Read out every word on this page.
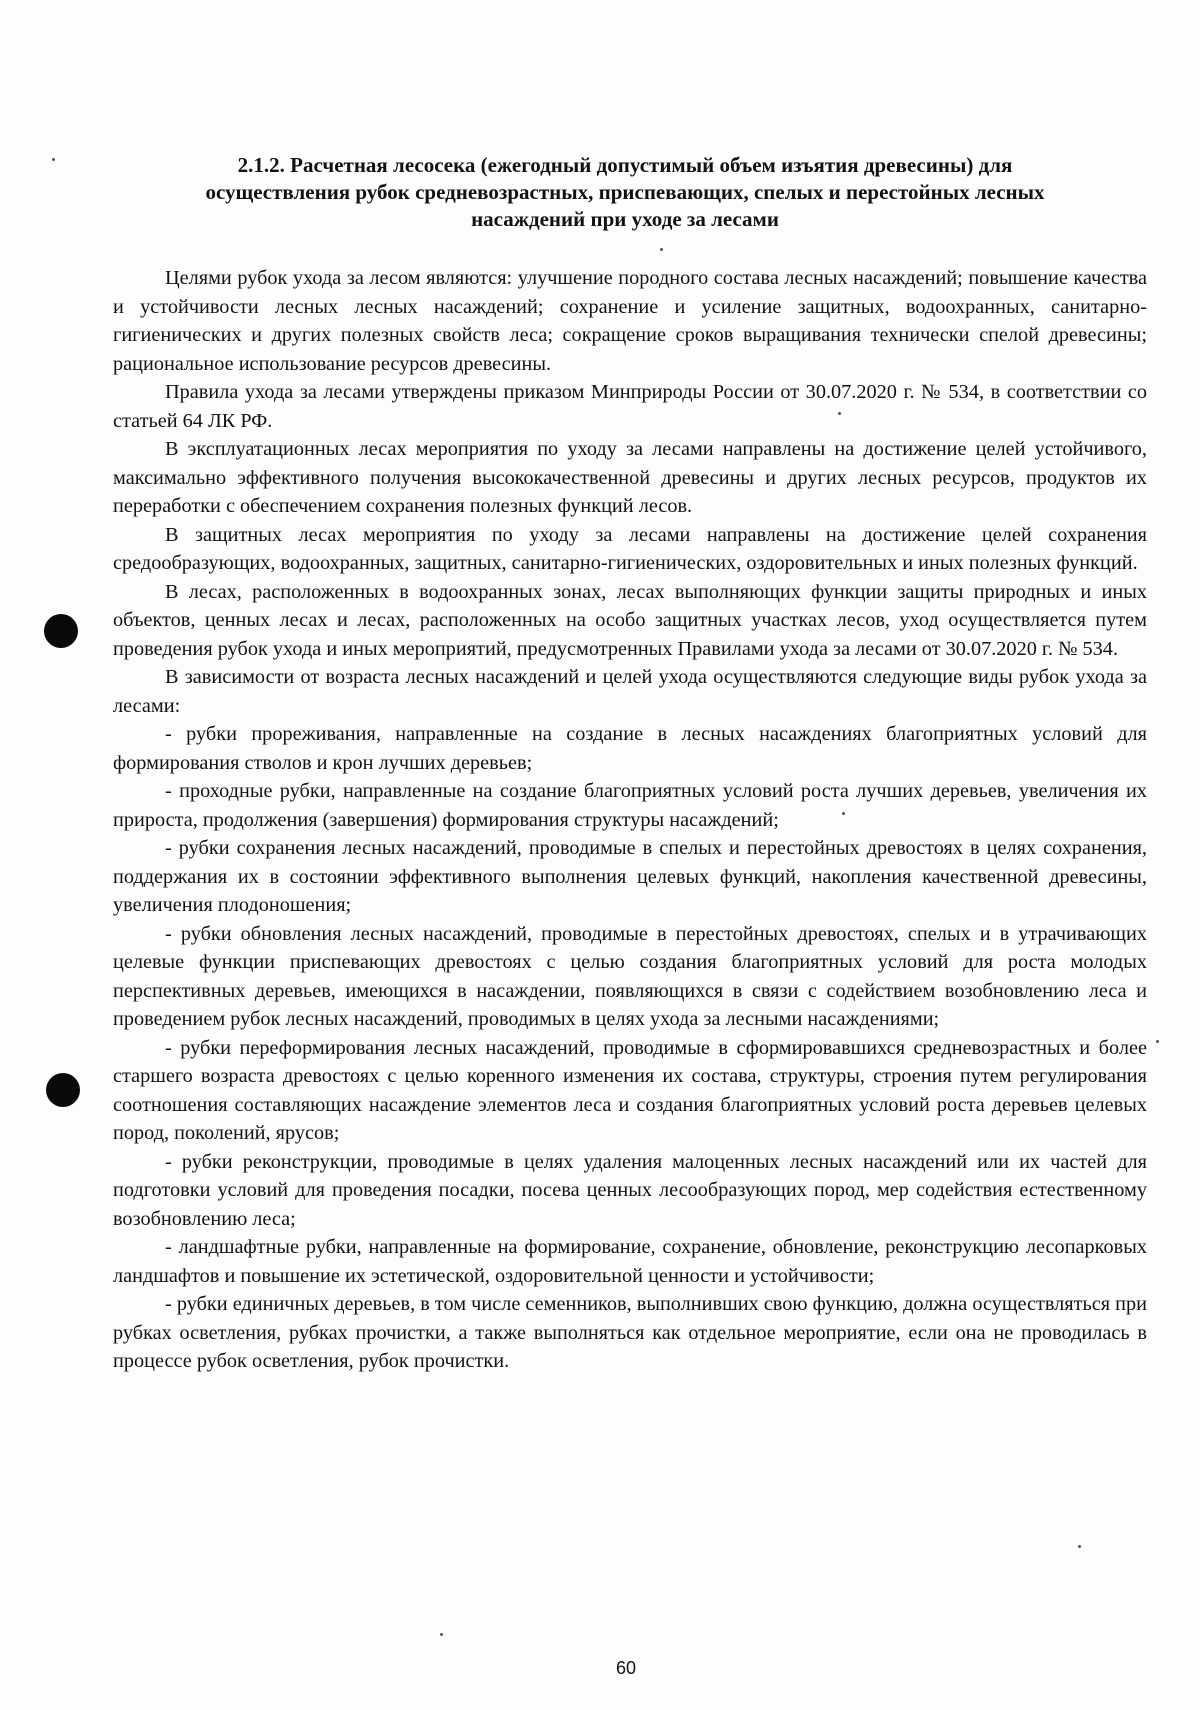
2.1.2. Расчетная лесосека (ежегодный допустимый объем изъятия древесины) для
осуществления рубок средневозрастных, приспевающих, спелых и перестойных лесных
насаждений при уходе за лесами

Целями рубок ухода за лесом являются: улучшение породного состава лесных насаждений; повышение качества и устойчивости лесных лесных насаждений; сохранение и усиление защитных, водоохранных, санитарно-гигиенических и других полезных свойств леса; сокращение сроков выращивания технически спелой древесины; рациональное использование ресурсов древесины.

Правила ухода за лесами утверждены приказом Минприроды России от 30.07.2020 г. № 534, в соответствии со статьей 64 ЛК РФ.

В эксплуатационных лесах мероприятия по уходу за лесами направлены на достижение целей устойчивого, максимально эффективного получения высококачественной древесины и других лесных ресурсов, продуктов их переработки с обеспечением сохранения полезных функций лесов.

В защитных лесах мероприятия по уходу за лесами направлены на достижение целей сохранения средообразующих, водоохранных, защитных, санитарно-гигиенических, оздоровительных и иных полезных функций.

В лесах, расположенных в водоохранных зонах, лесах выполняющих функции защиты природных и иных объектов, ценных лесах и лесах, расположенных на особо защитных участках лесов, уход осуществляется путем проведения рубок ухода и иных мероприятий, предусмотренных Правилами ухода за лесами от 30.07.2020 г. № 534.

В зависимости от возраста лесных насаждений и целей ухода осуществляются следующие виды рубок ухода за лесами:

- рубки прореживания, направленные на создание в лесных насаждениях благоприятных условий для формирования стволов и крон лучших деревьев;

- проходные рубки, направленные на создание благоприятных условий роста лучших деревьев, увеличения их прироста, продолжения (завершения) формирования структуры насаждений;

- рубки сохранения лесных насаждений, проводимые в спелых и перестойных древостоях в целях сохранения, поддержания их в состоянии эффективного выполнения целевых функций, накопления качественной древесины, увеличения плодоношения;

- рубки обновления лесных насаждений, проводимые в перестойных древостоях, спелых и в утрачивающих целевые функции приспевающих древостоях с целью создания благоприятных условий для роста молодых перспективных деревьев, имеющихся в насаждении, появляющихся в связи с содействием возобновлению леса и проведением рубок лесных насаждений, проводимых в целях ухода за лесными насаждениями;

- рубки переформирования лесных насаждений, проводимые в сформировавшихся средневозрастных и более старшего возраста древостоях с целью коренного изменения их состава, структуры, строения путем регулирования соотношения составляющих насаждение элементов леса и создания благоприятных условий роста деревьев целевых пород, поколений, ярусов;

- рубки реконструкции, проводимые в целях удаления малоценных лесных насаждений или их частей для подготовки условий для проведения посадки, посева ценных лесообразующих пород, мер содействия естественному возобновлению леса;

- ландшафтные рубки, направленные на формирование, сохранение, обновление, реконструкцию лесопарковых ландшафтов и повышение их эстетической, оздоровительной ценности и устойчивости;

- рубки единичных деревьев, в том числе семенников, выполнивших свою функцию, должна осуществляться при рубках осветления, рубках прочистки, а также выполняться как отдельное мероприятие, если она не проводилась в процессе рубок осветления, рубок прочистки.

60
